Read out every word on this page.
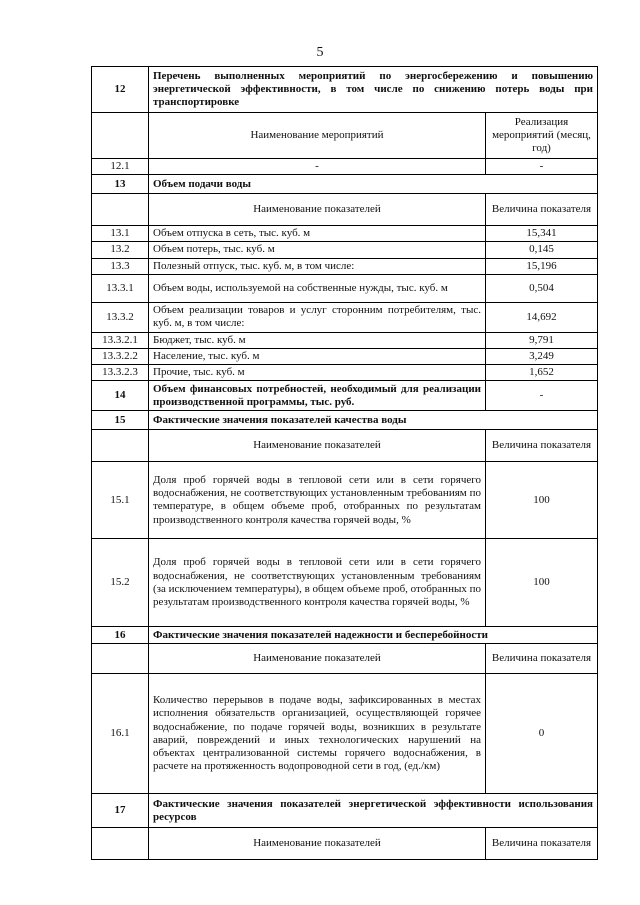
5
12	Перечень выполненных мероприятий по энергосбережению и повышению энергетической эффективности, в том числе по снижению потерь воды при транспортировке	
	Наименование мероприятий	Реализация мероприятий (месяц, год)
12.1	-	-
13	Объем подачи воды	
	Наименование показателей	Величина показателя
13.1	Объем отпуска в сеть, тыс. куб. м	15,341
13.2	Объем потерь, тыс. куб. м	0,145
13.3	Полезный отпуск, тыс. куб. м, в том числе:	15,196
13.3.1	Объем воды, используемой на собственные нужды, тыс. куб. м	0,504
13.3.2	Объем реализации товаров и услуг сторонним потребителям, тыс. куб. м, в том числе:	14,692
13.3.2.1	Бюджет, тыс. куб. м	9,791
13.3.2.2	Население, тыс. куб. м	3,249
13.3.2.3	Прочие, тыс. куб. м	1,652
14	Объем финансовых потребностей, необходимый для реализации производственной программы, тыс. руб.	-
15	Фактические значения показателей качества воды	
	Наименование показателей	Величина показателя
15.1	Доля проб горячей воды в тепловой сети или в сети горячего водоснабжения, не соответствующих установленным требованиям по температуре, в общем объеме проб, отобранных по результатам производственного контроля качества горячей воды, %	100
15.2	Доля проб горячей воды в тепловой сети или в сети горячего водоснабжения, не соответствующих установленным требованиям (за исключением температуры), в общем объеме проб, отобранных по результатам производственного контроля качества горячей воды, %	100
16	Фактические значения показателей надежности и бесперебойности	
	Наименование показателей	Величина показателя
16.1	Количество перерывов в подаче воды, зафиксированных в местах исполнения обязательств организацией, осуществляющей горячее водоснабжение, по подаче горячей воды, возникших в результате аварий, повреждений и иных технологических нарушений на объектах централизованной системы горячего водоснабжения, в расчете на протяженность водопроводной сети в год, (ед./км)	0
17	Фактические значения показателей энергетической эффективности использования ресурсов	
	Наименование показателей	Величина показателя
